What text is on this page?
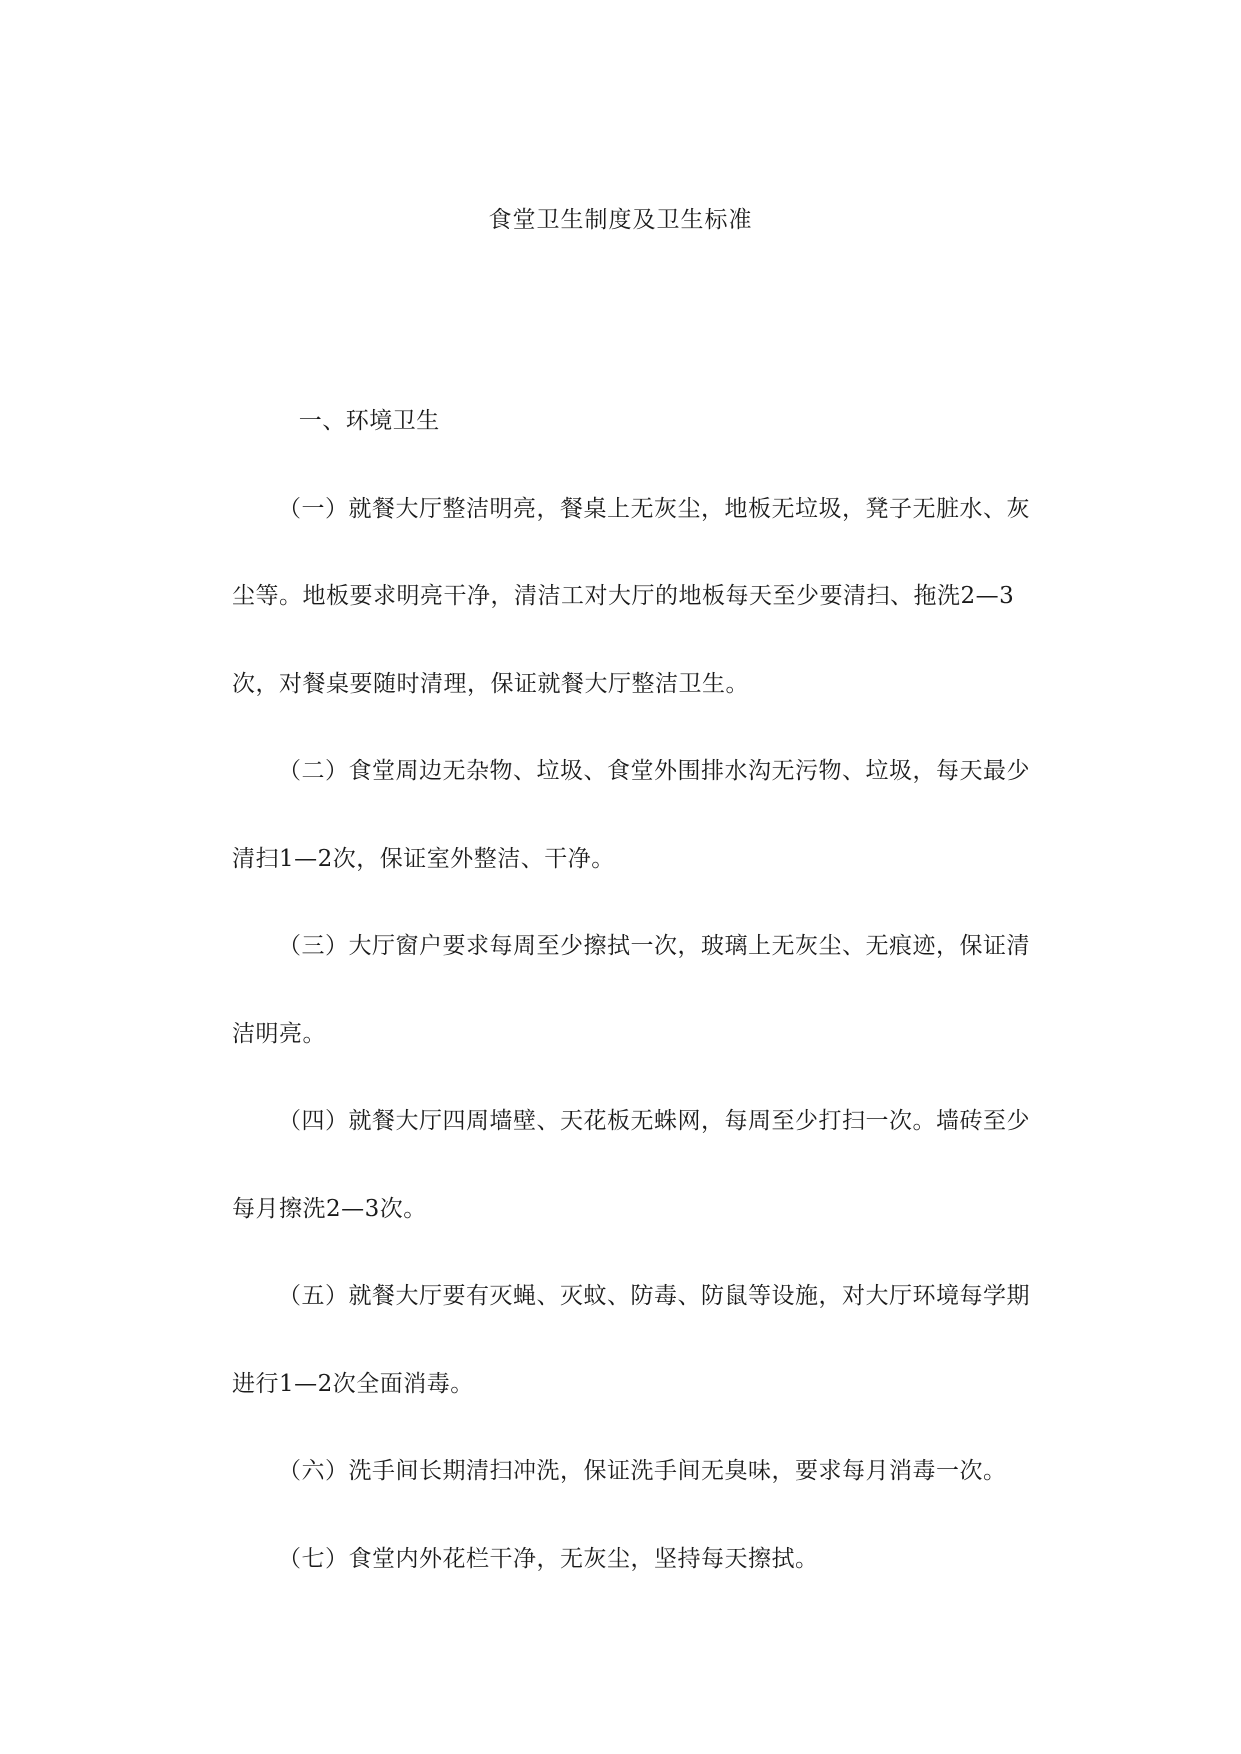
食堂卫生制度及卫生标准

一、环境卫生

（一）就餐大厅整洁明亮，餐桌上无灰尘，地板无垃圾，凳子无脏水、灰尘等。地板要求明亮干净，清洁工对大厅的地板每天至少要清扫、拖洗2—3次，对餐桌要随时清理，保证就餐大厅整洁卫生。

（二）食堂周边无杂物、垃圾、食堂外围排水沟无污物、垃圾，每天最少清扫1—2次，保证室外整洁、干净。

（三）大厅窗户要求每周至少擦拭一次，玻璃上无灰尘、无痕迹，保证清洁明亮。

（四）就餐大厅四周墙壁、天花板无蛛网，每周至少打扫一次。墙砖至少每月擦洗2—3次。

（五）就餐大厅要有灭蝇、灭蚊、防毒、防鼠等设施，对大厅环境每学期进行1—2次全面消毒。

（六）洗手间长期清扫冲洗，保证洗手间无臭味，要求每月消毒一次。

（七）食堂内外花栏干净，无灰尘，坚持每天擦拭。
